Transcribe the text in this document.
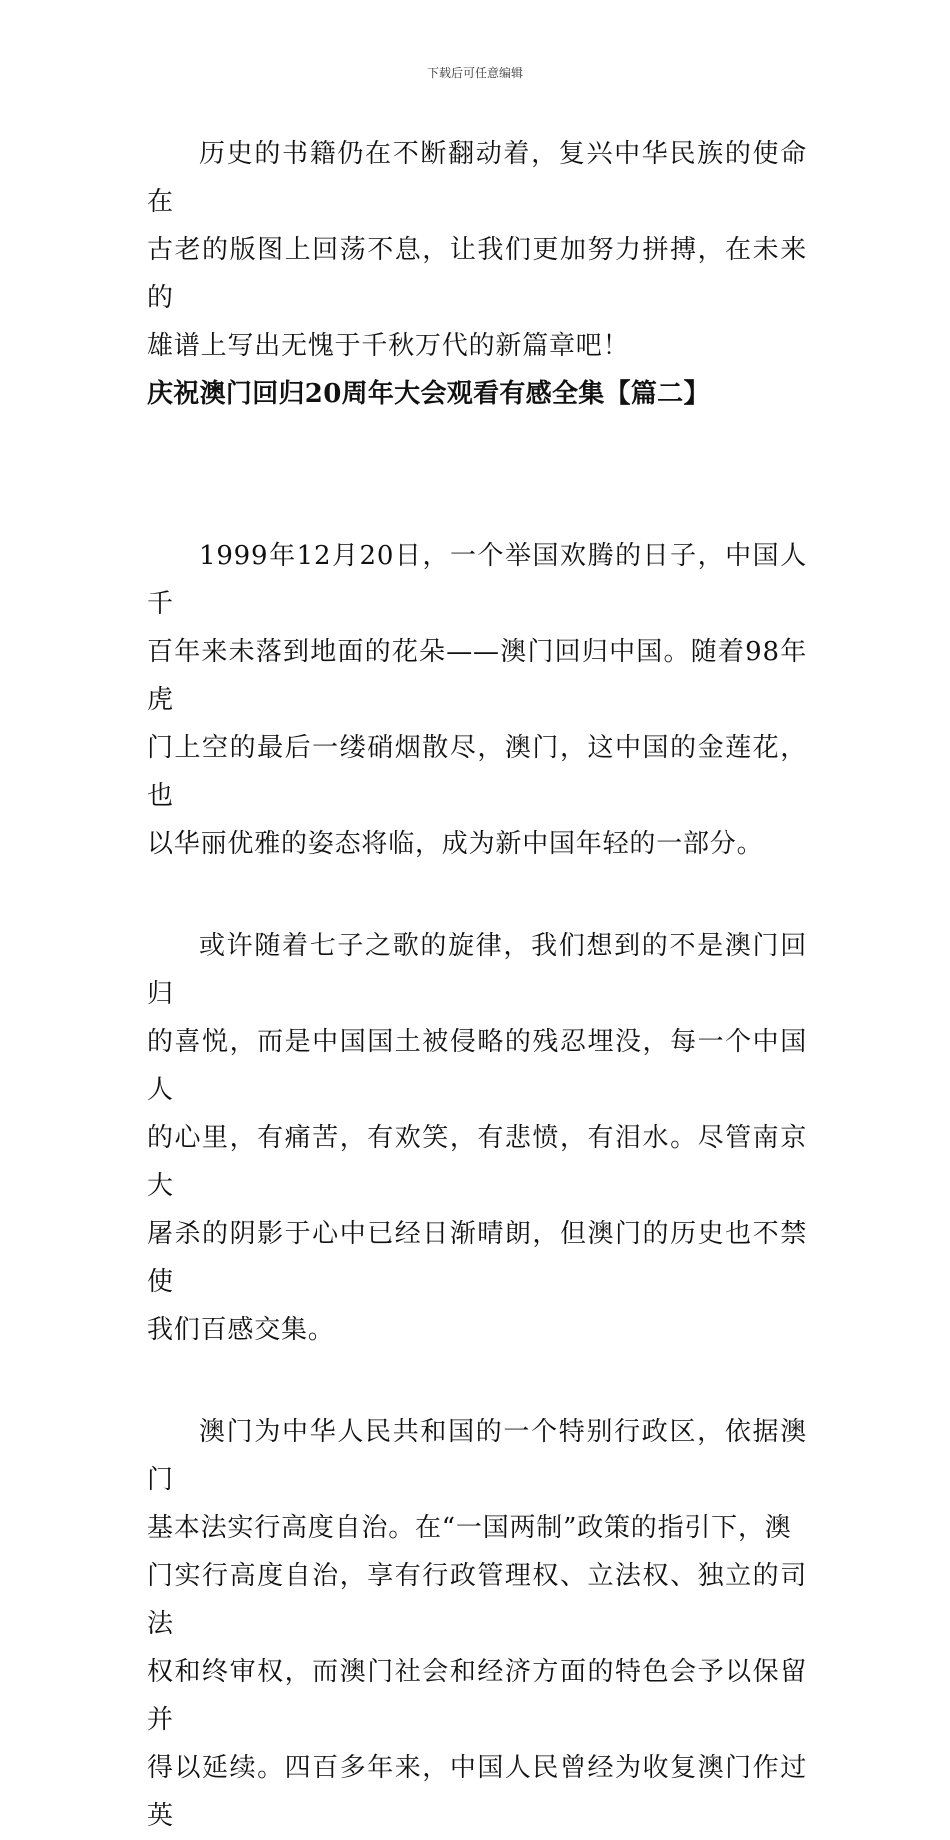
下载后可任意编辑

历史的书籍仍在不断翻动着，复兴中华民族的使命在
古老的版图上回荡不息，让我们更加努力拼搏，在未来的
雄谱上写出无愧于千秋万代的新篇章吧！

庆祝澳门回归20周年大会观看有感全集【篇二】

1999年12月20日，一个举国欢腾的日子，中国人千
百年来未落到地面的花朵——澳门回归中国。随着98年虎
门上空的最后一缕硝烟散尽，澳门，这中国的金莲花，也
以华丽优雅的姿态将临，成为新中国年轻的一部分。

或许随着七子之歌的旋律，我们想到的不是澳门回归
的喜悦，而是中国国土被侵略的残忍埋没，每一个中国人
的心里，有痛苦，有欢笑，有悲愤，有泪水。尽管南京大
屠杀的阴影于心中已经日渐晴朗，但澳门的历史也不禁使
我们百感交集。

澳门为中华人民共和国的一个特别行政区，依据澳门
基本法实行高度自治。在“一国两制”政策的指引下，澳
门实行高度自治，享有行政管理权、立法权、独立的司法
权和终审权，而澳门社会和经济方面的特色会予以保留并
得以延续。四百多年来，中国人民曾经为收复澳门作过英
